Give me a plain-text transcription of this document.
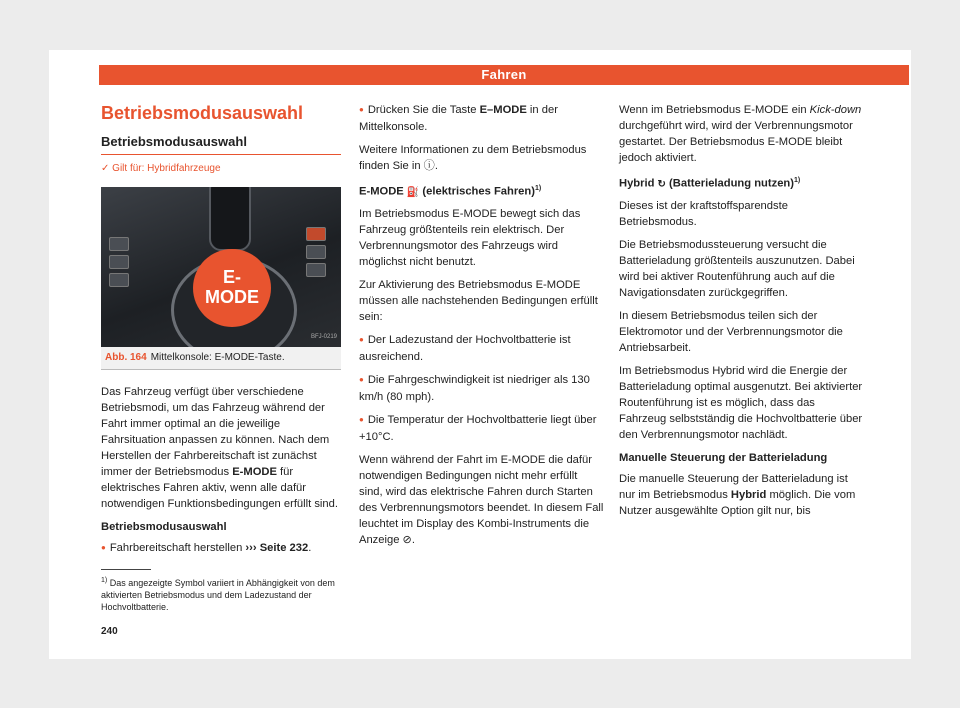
Fahren
Betriebsmodusauswahl
Betriebsmodusauswahl
✓ Gilt für: Hybridfahrzeuge
E-
MODE
BFJ-0219
Abb. 164 Mittelkonsole: E-MODE-Taste.

Das Fahrzeug verfügt über verschiedene Betriebsmodi, um das Fahrzeug während der Fahrt immer optimal an die jeweilige Fahrsituation anpassen zu können. Nach dem Herstellen der Fahrbereitschaft ist zunächst immer der Betriebsmodus E-MODE für elektrisches Fahren aktiv, wenn alle dafür notwendigen Funktionsbedingungen erfüllt sind.

Betriebsmodusauswahl

● Fahrbereitschaft herstellen ››› Seite 232.

● Drücken Sie die Taste E–MODE in der Mittelkonsole.

Weitere Informationen zu dem Betriebsmodus finden Sie in ⓘ.

E-MODE ⛽ (elektrisches Fahren)$^{1)}$

Im Betriebsmodus E-MODE bewegt sich das Fahrzeug größtenteils rein elektrisch. Der Verbrennungsmotor des Fahrzeugs wird möglichst nicht benutzt.

Zur Aktivierung des Betriebsmodus E-MODE müssen alle nachstehenden Bedingungen erfüllt sein:

● Der Ladezustand der Hochvoltbatterie ist ausreichend.

● Die Fahrgeschwindigkeit ist niedriger als 130 km/h (80 mph).

● Die Temperatur der Hochvoltbatterie liegt über +10°C.

Wenn während der Fahrt im E-MODE die dafür notwendigen Bedingungen nicht mehr erfüllt sind, wird das elektrische Fahren durch Starten des Verbrennungsmotors beendet. In diesem Fall leuchtet im Display des Kombi-Instruments die Anzeige ⊘.

Wenn im Betriebsmodus E-MODE ein Kick-down durchgeführt wird, wird der Verbrennungsmotor gestartet. Der Betriebsmodus E-MODE bleibt jedoch aktiviert.

Hybrid ↻ (Batterieladung nutzen)$^{1)}$

Dieses ist der kraftstoffsparendste Betriebsmodus.

Die Betriebsmodussteuerung versucht die Batterieladung größtenteils auszunutzen. Dabei wird bei aktiver Routenführung auch auf die Navigationsdaten zurückgegriffen.

In diesem Betriebsmodus teilen sich der Elektromotor und der Verbrennungsmotor die Antriebsarbeit.

Im Betriebsmodus Hybrid wird die Energie der Batterieladung optimal ausgenutzt. Bei aktivierter Routenführung ist es möglich, dass das Fahrzeug selbstständig die Hochvoltbatterie über den Verbrennungsmotor nachlädt.

Manuelle Steuerung der Batterieladung

Die manuelle Steuerung der Batterieladung ist nur im Betriebsmodus Hybrid möglich. Die vom Nutzer ausgewählte Option gilt nur, bis

$^{1)}$ Das angezeigte Symbol variiert in Abhängigkeit von dem aktivierten Betriebsmodus und dem Ladezustand der Hochvoltbatterie.
240
